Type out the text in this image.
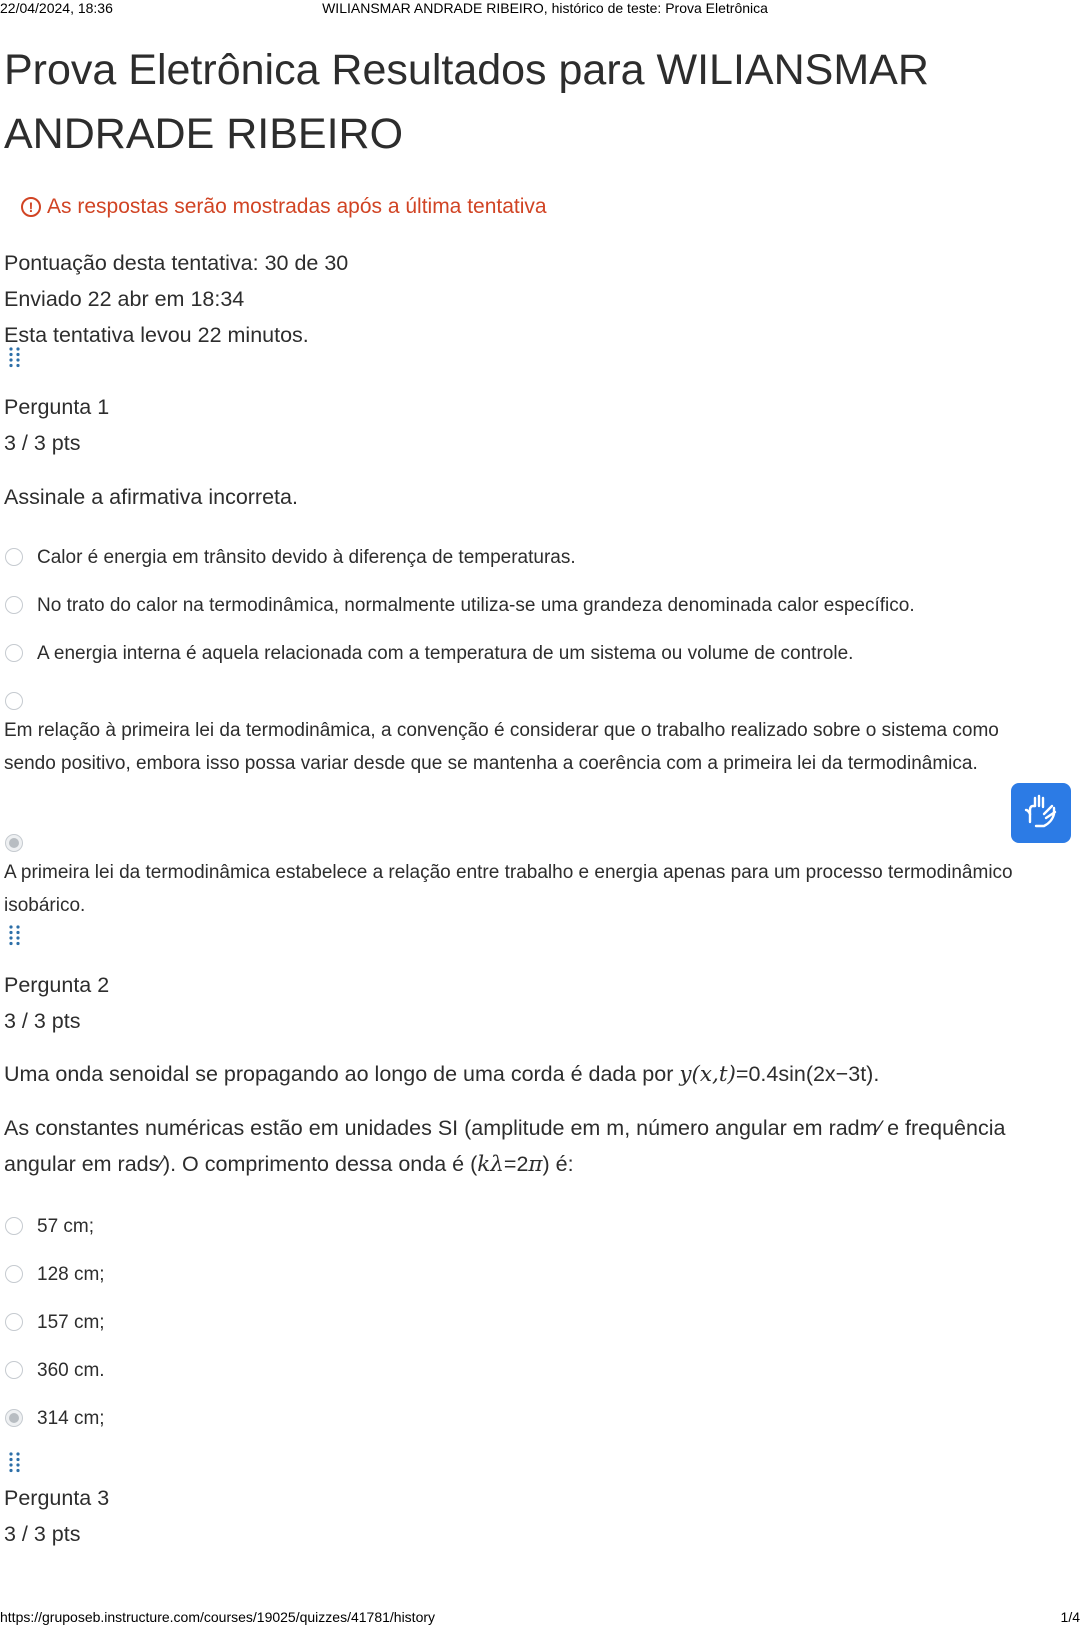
22/04/2024, 18:36	WILIANSMAR ANDRADE RIBEIRO, histórico de teste: Prova Eletrônica
Prova Eletrônica Resultados para WILIANSMAR ANDRADE RIBEIRO
! As respostas serão mostradas após a última tentativa
Pontuação desta tentativa: 30 de 30
Enviado 22 abr em 18:34
Esta tentativa levou 22 minutos.
Pergunta 1
3 / 3 pts
Assinale a afirmativa incorreta.
Calor é energia em trânsito devido à diferença de temperaturas.
No trato do calor na termodinâmica, normalmente utiliza-se uma grandeza denominada calor específico.
A energia interna é aquela relacionada com a temperatura de um sistema ou volume de controle.
Em relação à primeira lei da termodinâmica, a convenção é considerar que o trabalho realizado sobre o sistema como sendo positivo, embora isso possa variar desde que se mantenha a coerência com a primeira lei da termodinâmica.
A primeira lei da termodinâmica estabelece a relação entre trabalho e energia apenas para um processo termodinâmico isobárico.
Pergunta 2
3 / 3 pts
Uma onda senoidal se propagando ao longo de uma corda é dada por y(x,t)=0.4sin(2x−3t).
As constantes numéricas estão em unidades SI (amplitude em m, número angular em radm⁄ e frequência angular em rads⁄). O comprimento dessa onda é (kλ=2π) é:
57 cm;
128 cm;
157 cm;
360 cm.
314 cm;
Pergunta 3
3 / 3 pts
https://gruposeb.instructure.com/courses/19025/quizzes/41781/history	1/4
